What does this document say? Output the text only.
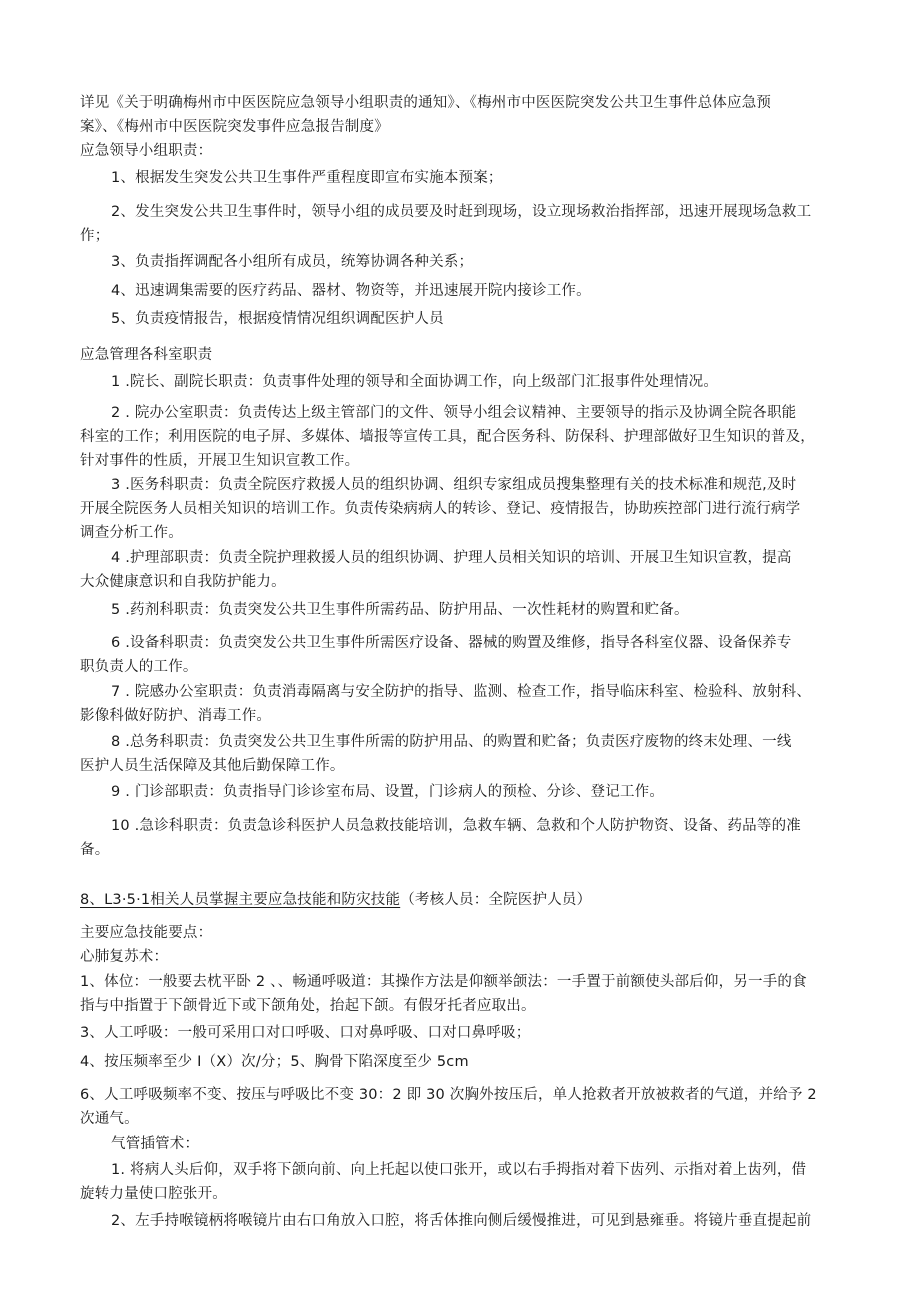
详见《关于明确梅州市中医医院应急领导小组职责的通知》、《梅州市中医医院突发公共卫生事件总体应急预
案》、《梅州市中医医院突发事件应急报告制度》
应急领导小组职责：
1、根据发生突发公共卫生事件严重程度即宣布实施本预案；
2、发生突发公共卫生事件时，领导小组的成员要及时赶到现场，设立现场救治指挥部，迅速开展现场急救工
作；
3、负责指挥调配各小组所有成员，统筹协调各种关系；
4、迅速调集需要的医疗药品、器材、物资等，并迅速展开院内接诊工作。
5、负责疫情报告，根据疫情情况组织调配医护人员
应急管理各科室职责
1 .院长、副院长职责：负责事件处理的领导和全面协调工作，向上级部门汇报事件处理情况。
2 . 院办公室职责：负责传达上级主管部门的文件、领导小组会议精神、主要领导的指示及协调全院各职能
科室的工作；利用医院的电子屏、多媒体、墙报等宣传工具，配合医务科、防保科、护理部做好卫生知识的普及，
针对事件的性质，开展卫生知识宣教工作。
3 .医务科职责：负责全院医疗救援人员的组织协调、组织专家组成员搜集整理有关的技术标准和规范,及时
开展全院医务人员相关知识的培训工作。负责传染病病人的转诊、登记、疫情报告，协助疾控部门进行流行病学
调查分析工作。
4 .护理部职责：负责全院护理救援人员的组织协调、护理人员相关知识的培训、开展卫生知识宣教，提高
大众健康意识和自我防护能力。
5 .药剂科职责：负责突发公共卫生事件所需药品、防护用品、一次性耗材的购置和贮备。
6 .设备科职责：负责突发公共卫生事件所需医疗设备、器械的购置及维修，指导各科室仪器、设备保养专
职负责人的工作。
7 . 院感办公室职责：负责消毒隔离与安全防护的指导、监测、检查工作，指导临床科室、检验科、放射科、
影像科做好防护、消毒工作。
8 .总务科职责：负责突发公共卫生事件所需的防护用品、的购置和贮备；负责医疗废物的终末处理、一线
医护人员生活保障及其他后勤保障工作。
9 . 门诊部职责：负责指导门诊诊室布局、设置，门诊病人的预检、分诊、登记工作。
10 .急诊科职责：负责急诊科医护人员急救技能培训，急救车辆、急救和个人防护物资、设备、药品等的准
备。
8、L3·5·1相关人员掌握主要应急技能和防灾技能（考核人员：全院医护人员）
主要应急技能要点：
心肺复苏术：
1、体位：一般要去枕平卧 2 、、畅通呼吸道：其操作方法是仰额举颌法：一手置于前额使头部后仰，另一手的食
指与中指置于下颌骨近下或下颌角处，抬起下颌。有假牙托者应取出。
3、人工呼吸：一般可采用口对口呼吸、口对鼻呼吸、口对口鼻呼吸；
4、按压频率至少 I（X）次/分；5、胸骨下陷深度至少 5cm
6、人工呼吸频率不变、按压与呼吸比不变 30：2 即 30 次胸外按压后，单人抢救者开放被救者的气道，并给予 2
次通气。
气管插管术：
1. 将病人头后仰，双手将下颌向前、向上托起以使口张开，或以右手拇指对着下齿列、示指对着上齿列，借
旋转力量使口腔张开。
2、左手持喉镜柄将喉镜片由右口角放入口腔，将舌体推向侧后缓慢推进，可见到悬雍垂。将镜片垂直提起前
